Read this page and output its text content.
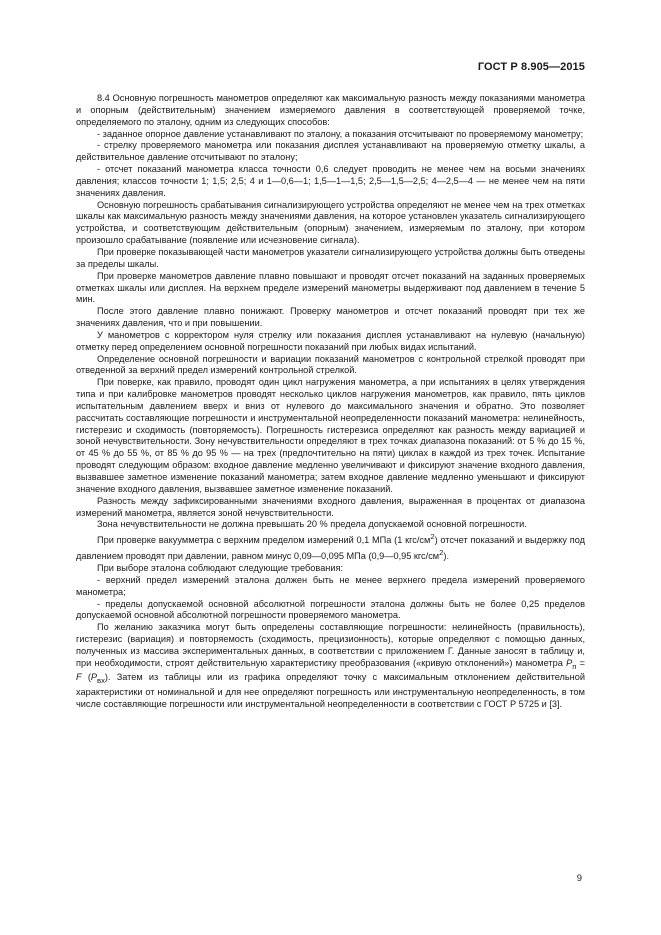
ГОСТ Р 8.905—2015

8.4 Основную погрешность манометров определяют как максимальную разность между показаниями манометра и опорным (действительным) значением измеряемого давления в соответствующей проверяемой точке, определяемого по эталону, одним из следующих способов:

- заданное опорное давление устанавливают по эталону, а показания отсчитывают по проверяемому манометру;

- стрелку проверяемого манометра или показания дисплея устанавливают на проверяемую отметку шкалы, а действительное давление отсчитывают по эталону;

- отсчет показаний манометра класса точности 0,6 следует проводить не менее чем на восьми значениях давления; классов точности 1; 1,5; 2,5; 4 и 1—0,6—1; 1,5—1—1,5; 2,5—1,5—2,5; 4—2,5—4 — не менее чем на пяти значениях давления.

Основную погрешность срабатывания сигнализирующего устройства определяют не менее чем на трех отметках шкалы как максимальную разность между значениями давления, на которое установлен указатель сигнализирующего устройства, и соответствующим действительным (опорным) значением, измеряемым по эталону, при котором произошло срабатывание (появление или исчезновение сигнала).

При проверке показывающей части манометров указатели сигнализирующего устройства должны быть отведены за пределы шкалы.

При проверке манометров давление плавно повышают и проводят отсчет показаний на заданных проверяемых отметках шкалы или дисплея. На верхнем пределе измерений манометры выдерживают под давлением в течение 5 мин.

После этого давление плавно понижают. Проверку манометров и отсчет показаний проводят при тех же значениях давления, что и при повышении.

У манометров с корректором нуля стрелку или показания дисплея устанавливают на нулевую (начальную) отметку перед определением основной погрешности показаний при любых видах испытаний.

Определение основной погрешности и вариации показаний манометров с контрольной стрелкой проводят при отведенной за верхний предел измерений контрольной стрелкой.

При поверке, как правило, проводят один цикл нагружения манометра, а при испытаниях в целях утверждения типа и при калибровке манометров проводят несколько циклов нагружения манометров, как правило, пять циклов испытательным давлением вверх и вниз от нулевого до максимального значения и обратно. Это позволяет рассчитать составляющие погрешности и инструментальной неопределенности показаний манометра: нелинейность, гистерезис и сходимость (повторяемость). Погрешность гистерезиса определяют как разность между вариацией и зоной нечувствительности. Зону нечувствительности определяют в трех точках диапазона показаний: от 5 % до 15 %, от 45 % до 55 %, от 85 % до 95 % — на трех (предпочтительно на пяти) циклах в каждой из трех точек. Испытание проводят следующим образом: входное давление медленно увеличивают и фиксируют значение входного давления, вызвавшее заметное изменение показаний манометра; затем входное давление медленно уменьшают и фиксируют значение входного давления, вызвавшее заметное изменение показаний.

Разность между зафиксированными значениями входного давления, выраженная в процентах от диапазона измерений манометра, является зоной нечувствительности.

Зона нечувствительности не должна превышать 20 % предела допускаемой основной погрешности.

При проверке вакуумметра с верхним пределом измерений 0,1 МПа (1 кгс/$см^2$) отсчет показаний и выдержку под давлением проводят при давлении, равном минус 0,09—0,095 МПа (0,9—0,95 кгс/$см^2$).

При выборе эталона соблюдают следующие требования:

- верхний предел измерений эталона должен быть не менее верхнего предела измерений проверяемого манометра;

- пределы допускаемой основной абсолютной погрешности эталона должны быть не более 0,25 пределов допускаемой основной абсолютной погрешности проверяемого манометра.

По желанию заказчика могут быть определены составляющие погрешности: нелинейность (правильность), гистерезис (вариация) и повторяемость (сходимость, прецизионность), которые определяют с помощью данных, полученных из массива экспериментальных данных, в соответствии с приложением Г. Данные заносят в таблицу и, при необходимости, строят действительную характеристику преобразования («кривую отклонений») манометра $P_п = F$ $(P_{вх})$. Затем из таблицы или из графика определяют точку с максимальным отклонением действительной характеристики от номинальной и для нее определяют погрешность или инструментальную неопределенность, в том числе составляющие погрешности или инструментальной неопределенности в соответствии с ГОСТ Р 5725 и [3].

9
